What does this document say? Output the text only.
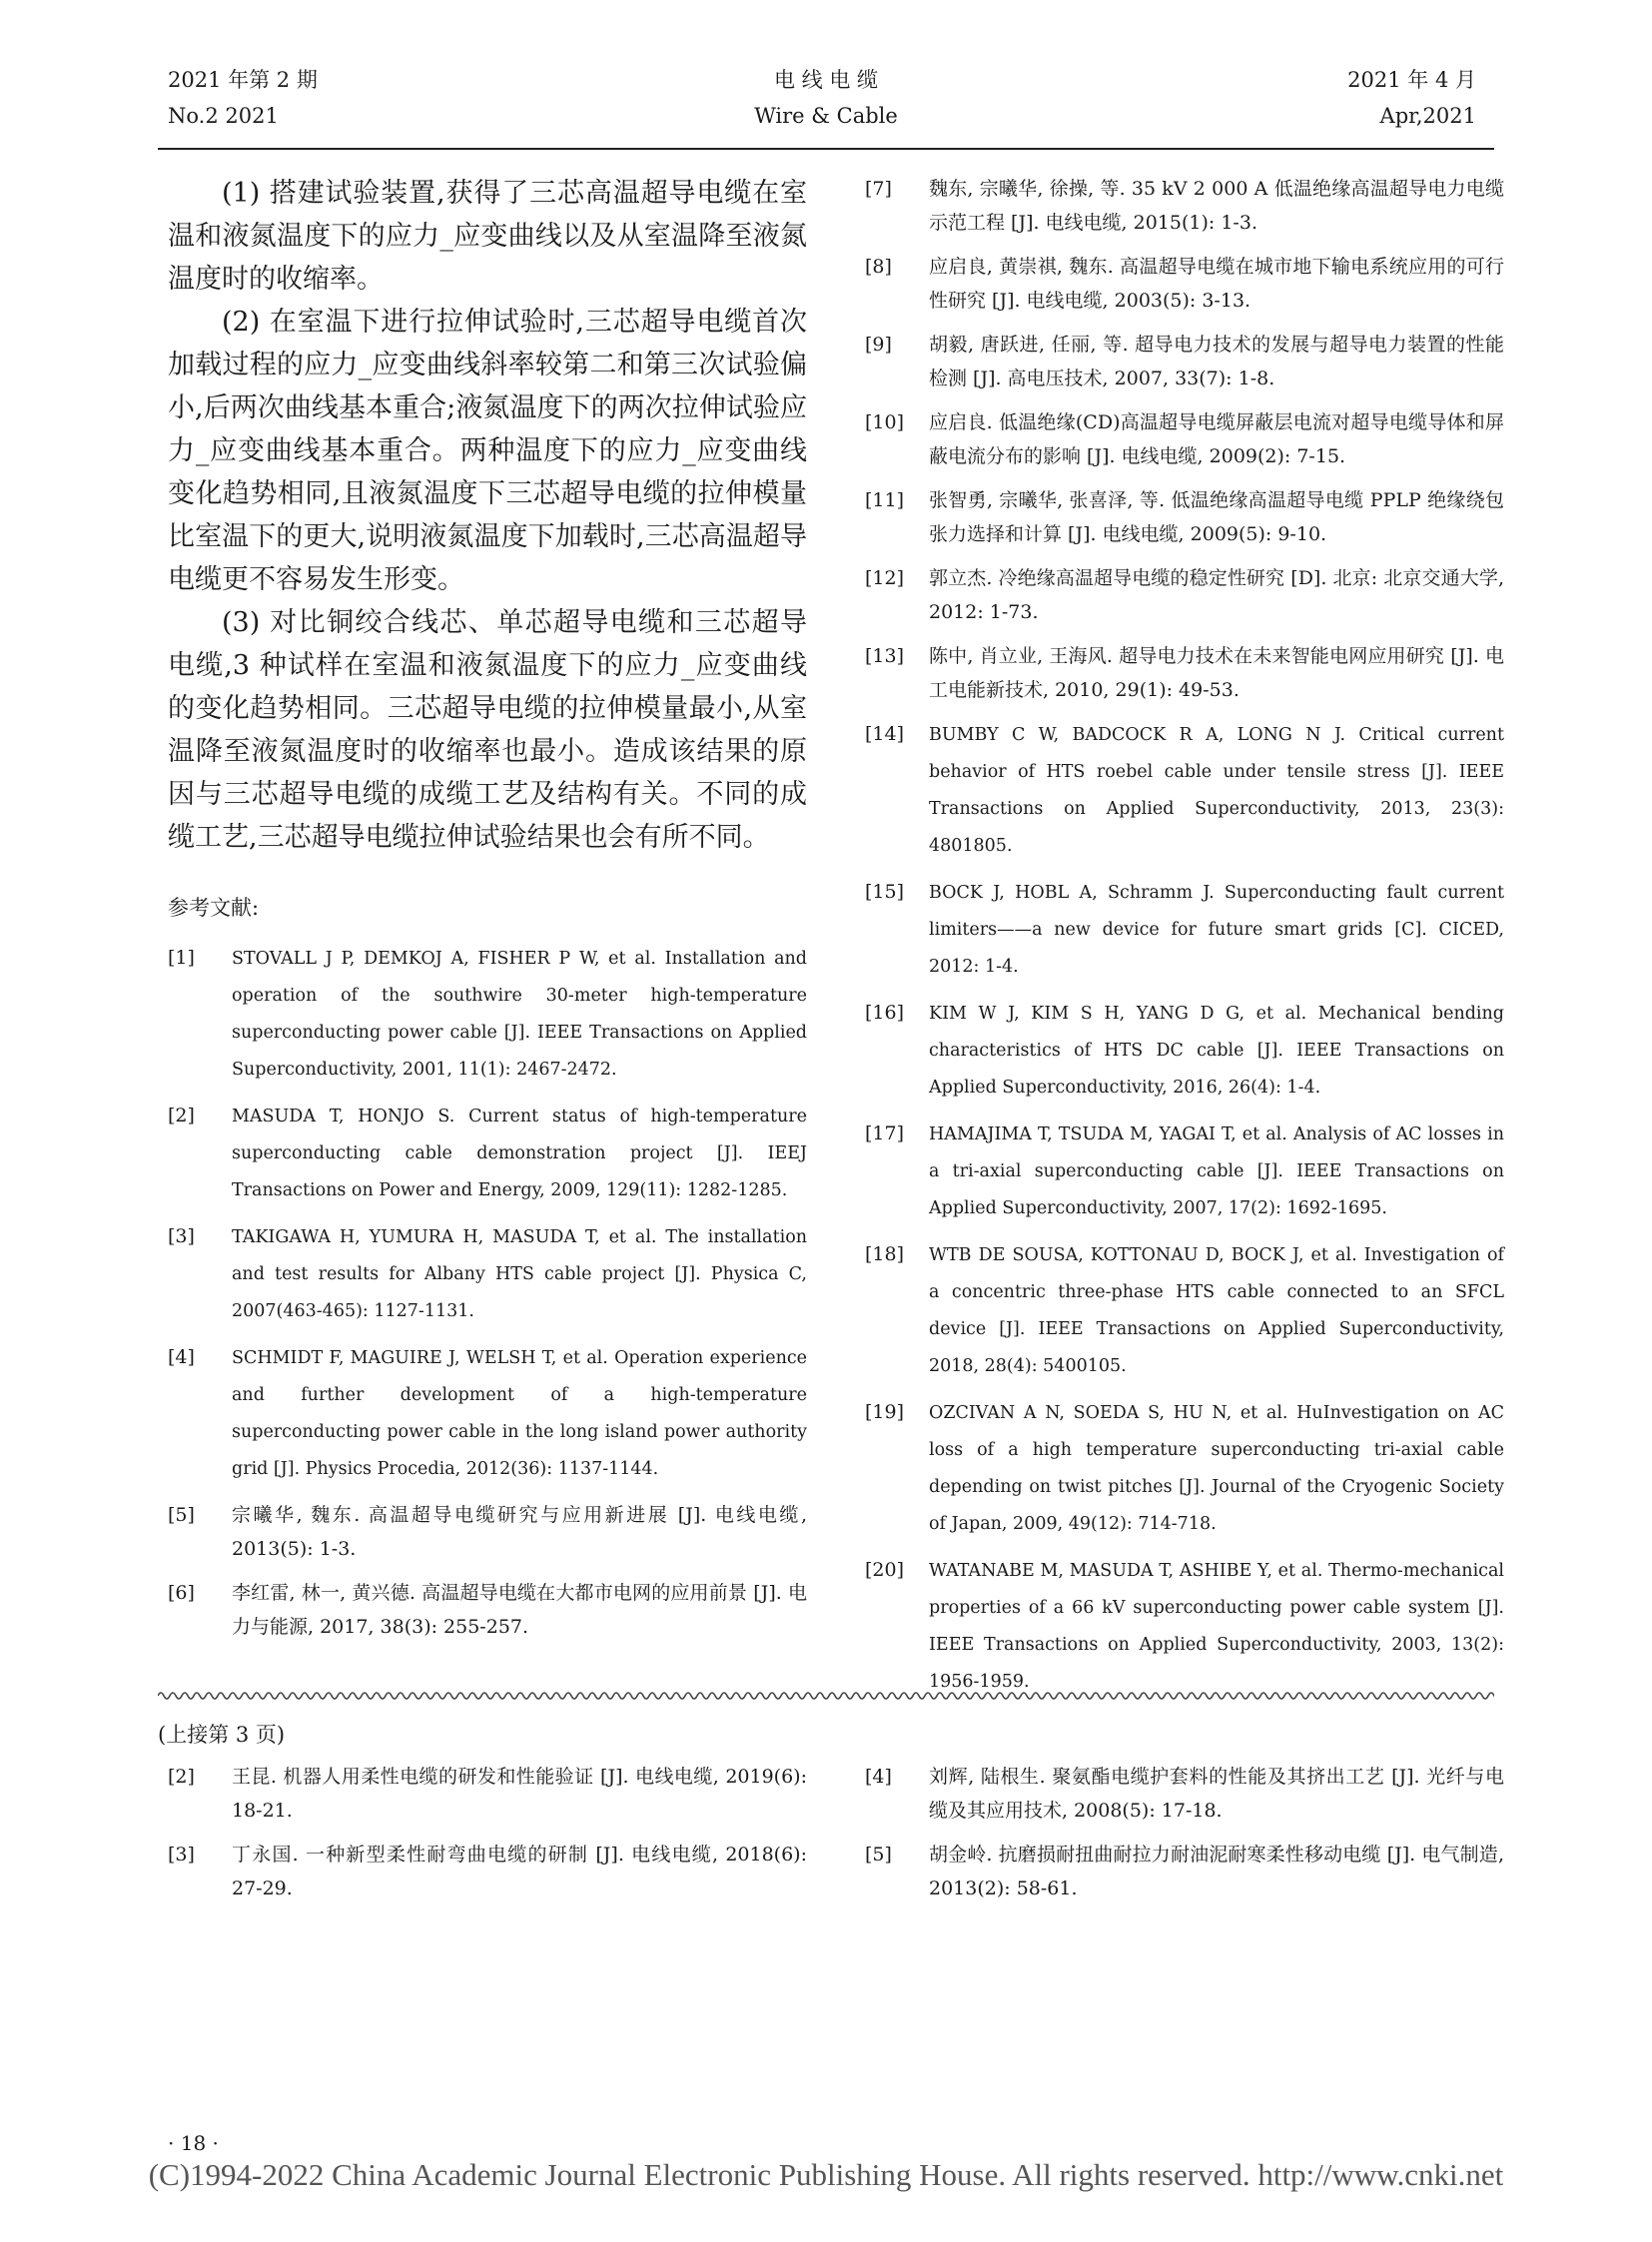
2021 年第 2 期
No.2 2021
电 线 电 缆
Wire & Cable
2021 年 4 月
Apr,2021

(1) 搭建试验装置,获得了三芯高温超导电缆在室温和液氮温度下的应力_应变曲线以及从室温降至液氮温度时的收缩率。

(2) 在室温下进行拉伸试验时,三芯超导电缆首次加载过程的应力_应变曲线斜率较第二和第三次试验偏小,后两次曲线基本重合;液氮温度下的两次拉伸试验应力_应变曲线基本重合。两种温度下的应力_应变曲线变化趋势相同,且液氮温度下三芯超导电缆的拉伸模量比室温下的更大,说明液氮温度下加载时,三芯高温超导电缆更不容易发生形变。

(3) 对比铜绞合线芯、单芯超导电缆和三芯超导电缆,3 种试样在室温和液氮温度下的应力_应变曲线的变化趋势相同。三芯超导电缆的拉伸模量最小,从室温降至液氮温度时的收缩率也最小。造成该结果的原因与三芯超导电缆的成缆工艺及结构有关。不同的成缆工艺,三芯超导电缆拉伸试验结果也会有所不同。

参考文献:
[1]	STOVALL J P, DEMKOJ A, FISHER P W, et al. Installation and operation of the southwire 30-meter high-temperature superconducting power cable [J]. IEEE Transactions on Applied Superconductivity, 2001, 11(1): 2467-2472.
[2]	MASUDA T, HONJO S. Current status of high-temperature superconducting cable demonstration project [J]. IEEJ Transactions on Power and Energy, 2009, 129(11): 1282-1285.
[3]	TAKIGAWA H, YUMURA H, MASUDA T, et al. The installation and test results for Albany HTS cable project [J]. Physica C, 2007(463-465): 1127-1131.
[4]	SCHMIDT F, MAGUIRE J, WELSH T, et al. Operation experience and further development of a high-temperature superconducting power cable in the long island power authority grid [J]. Physics Procedia, 2012(36): 1137-1144.
[5]	宗曦华, 魏东. 高温超导电缆研究与应用新进展 [J]. 电线电缆, 2013(5): 1-3.
[6]	李红雷, 林一, 黄兴德. 高温超导电缆在大都市电网的应用前景 [J]. 电力与能源, 2017, 38(3): 255-257.
[7]	魏东, 宗曦华, 徐操, 等. 35 kV 2 000 A 低温绝缘高温超导电力电缆示范工程 [J]. 电线电缆, 2015(1): 1-3.
[8]	应启良, 黄崇祺, 魏东. 高温超导电缆在城市地下输电系统应用的可行性研究 [J]. 电线电缆, 2003(5): 3-13.
[9]	胡毅, 唐跃进, 任丽, 等. 超导电力技术的发展与超导电力装置的性能检测 [J]. 高电压技术, 2007, 33(7): 1-8.
[10]	应启良. 低温绝缘(CD)高温超导电缆屏蔽层电流对超导电缆导体和屏蔽电流分布的影响 [J]. 电线电缆, 2009(2): 7-15.
[11]	张智勇, 宗曦华, 张喜泽, 等. 低温绝缘高温超导电缆 PPLP 绝缘绕包张力选择和计算 [J]. 电线电缆, 2009(5): 9-10.
[12]	郭立杰. 冷绝缘高温超导电缆的稳定性研究 [D]. 北京: 北京交通大学, 2012: 1-73.
[13]	陈中, 肖立业, 王海风. 超导电力技术在未来智能电网应用研究 [J]. 电工电能新技术, 2010, 29(1): 49-53.
[14]	BUMBY C W, BADCOCK R A, LONG N J. Critical current behavior of HTS roebel cable under tensile stress [J]. IEEE Transactions on Applied Superconductivity, 2013, 23(3): 4801805.
[15]	BOCK J, HOBL A, Schramm J. Superconducting fault current limiters——a new device for future smart grids [C]. CICED, 2012: 1-4.
[16]	KIM W J, KIM S H, YANG D G, et al. Mechanical bending characteristics of HTS DC cable [J]. IEEE Transactions on Applied Superconductivity, 2016, 26(4): 1-4.
[17]	HAMAJIMA T, TSUDA M, YAGAI T, et al. Analysis of AC losses in a tri-axial superconducting cable [J]. IEEE Transactions on Applied Superconductivity, 2007, 17(2): 1692-1695.
[18]	WTB DE SOUSA, KOTTONAU D, BOCK J, et al. Investigation of a concentric three-phase HTS cable connected to an SFCL device [J]. IEEE Transactions on Applied Superconductivity, 2018, 28(4): 5400105.
[19]	OZCIVAN A N, SOEDA S, HU N, et al. HuInvestigation on AC loss of a high temperature superconducting tri-axial cable depending on twist pitches [J]. Journal of the Cryogenic Society of Japan, 2009, 49(12): 714-718.
[20]	WATANABE M, MASUDA T, ASHIBE Y, et al. Thermo-mechanical properties of a 66 kV superconducting power cable system [J]. IEEE Transactions on Applied Superconductivity, 2003, 13(2): 1956-1959.
(上接第 3 页)
[2]	王昆. 机器人用柔性电缆的研发和性能验证 [J]. 电线电缆, 2019(6): 18-21.
[3]	丁永国. 一种新型柔性耐弯曲电缆的研制 [J]. 电线电缆, 2018(6): 27-29.
[4]	刘辉, 陆根生. 聚氨酯电缆护套料的性能及其挤出工艺 [J]. 光纤与电缆及其应用技术, 2008(5): 17-18.
[5]	胡金岭. 抗磨损耐扭曲耐拉力耐油泥耐寒柔性移动电缆 [J]. 电气制造, 2013(2): 58-61.
· 18 ·
(C)1994-2022 China Academic Journal Electronic Publishing House. All rights reserved. http://www.cnki.net
